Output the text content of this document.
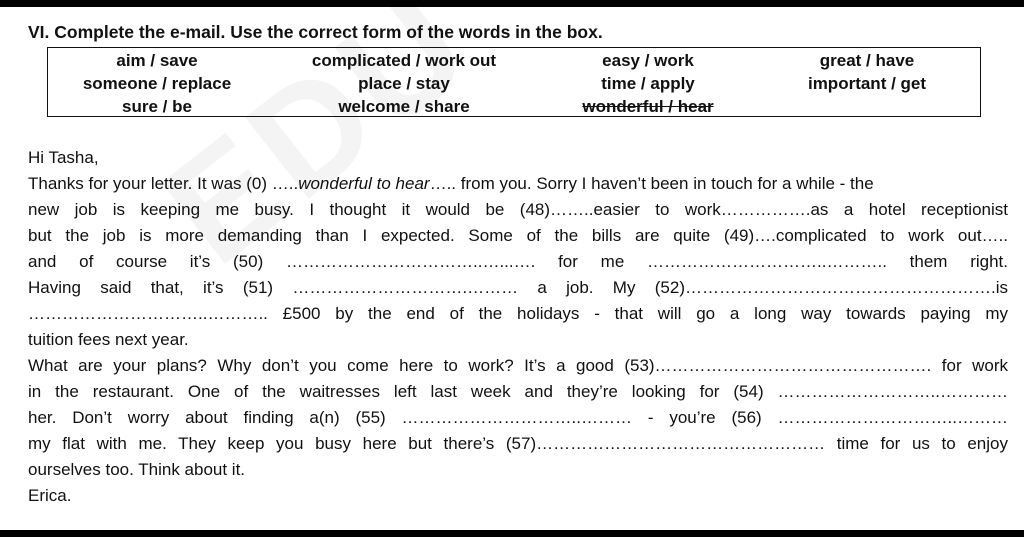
VI. Complete the e-mail. Use the correct form of the words in the box.
aim / save
someone / replace
sure / be
complicated / work out
place / stay
welcome / share
easy / work
time / apply
wonderful / hear
great / have
important / get
Hi Tasha,
Thanks for your letter. It was (0) …..wonderful to hear….. from you. Sorry I haven’t been in touch for a while - the
new job is keeping me busy. I thought it would be (48)……..easier to work…………….as a hotel receptionist
but the job is more demanding than I expected. Some of the bills are quite (49)….complicated to work out…..
and of course it’s (50) ……………………………..…...…. for me …………………………..……….. them right.
Having said that, it’s (51) ………………………….……… a job. My (52)……………………………………………….is
…………………………..……….. £500 by the end of the holidays - that will go a long way towards paying my
tuition fees next year.
What are your plans? Why don’t you come here to work? It’s a good (53)…………………………………………. for work
in the restaurant. One of the waitresses left last week and they’re looking for (54) ………………………..…………
her. Don’t worry about finding a(n) (55) …………………………..……… - you’re (56) …………………………..………
my flat with me. They keep you busy here but there’s (57)…………………………………………… time for us to enjoy
ourselves too. Think about it.
Erica.
